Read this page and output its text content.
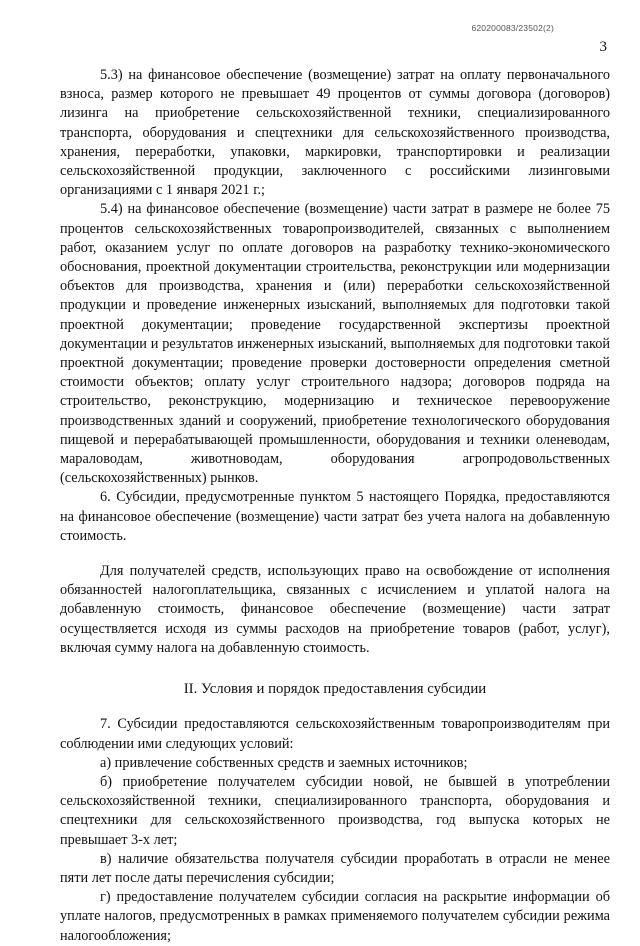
620200083/23502(2)
3

5.3) на финансовое обеспечение (возмещение) затрат на оплату первоначального взноса, размер которого не превышает 49 процентов от суммы договора (договоров) лизинга на приобретение сельскохозяйственной техники, специализированного транспорта, оборудования и спецтехники для сельскохозяйственного производства, хранения, переработки, упаковки, маркировки, транспортировки и реализации сельскохозяйственной продукции, заключенного с российскими лизинговыми организациями с 1 января 2021 г.;

5.4) на финансовое обеспечение (возмещение) части затрат в размере не более 75 процентов сельскохозяйственных товаропроизводителей, связанных с выполнением работ, оказанием услуг по оплате договоров на разработку технико-экономического обоснования, проектной документации строительства, реконструкции или модернизации объектов для производства, хранения и (или) переработки сельскохозяйственной продукции и проведение инженерных изысканий, выполняемых для подготовки такой проектной документации; проведение государственной экспертизы проектной документации и результатов инженерных изысканий, выполняемых для подготовки такой проектной документации; проведение проверки достоверности определения сметной стоимости объектов; оплату услуг строительного надзора; договоров подряда на строительство, реконструкцию, модернизацию и техническое перевооружение производственных зданий и сооружений, приобретение технологического оборудования пищевой и перерабатывающей промышленности, оборудования и техники оленеводам, мараловодам, животноводам, оборудования агропродовольственных (сельскохозяйственных) рынков.

6. Субсидии, предусмотренные пунктом 5 настоящего Порядка, предоставляются на финансовое обеспечение (возмещение) части затрат без учета налога на добавленную стоимость.

Для получателей средств, использующих право на освобождение от исполнения обязанностей налогоплательщика, связанных с исчислением и уплатой налога на добавленную стоимость, финансовое обеспечение (возмещение) части затрат осуществляется исходя из суммы расходов на приобретение товаров (работ, услуг), включая сумму налога на добавленную стоимость.

II. Условия и порядок предоставления субсидии

7. Субсидии предоставляются сельскохозяйственным товаропроизводителям при соблюдении ими следующих условий:

а) привлечение собственных средств и заемных источников;

б) приобретение получателем субсидии новой, не бывшей в употреблении сельскохозяйственной техники, специализированного транспорта, оборудования и спецтехники для сельскохозяйственного производства, год выпуска которых не превышает 3-х лет;

в) наличие обязательства получателя субсидии проработать в отрасли не менее пяти лет после даты перечисления субсидии;

г) предоставление получателем субсидии согласия на раскрытие информации об уплате налогов, предусмотренных в рамках применяемого получателем субсидии режима налогообложения;
